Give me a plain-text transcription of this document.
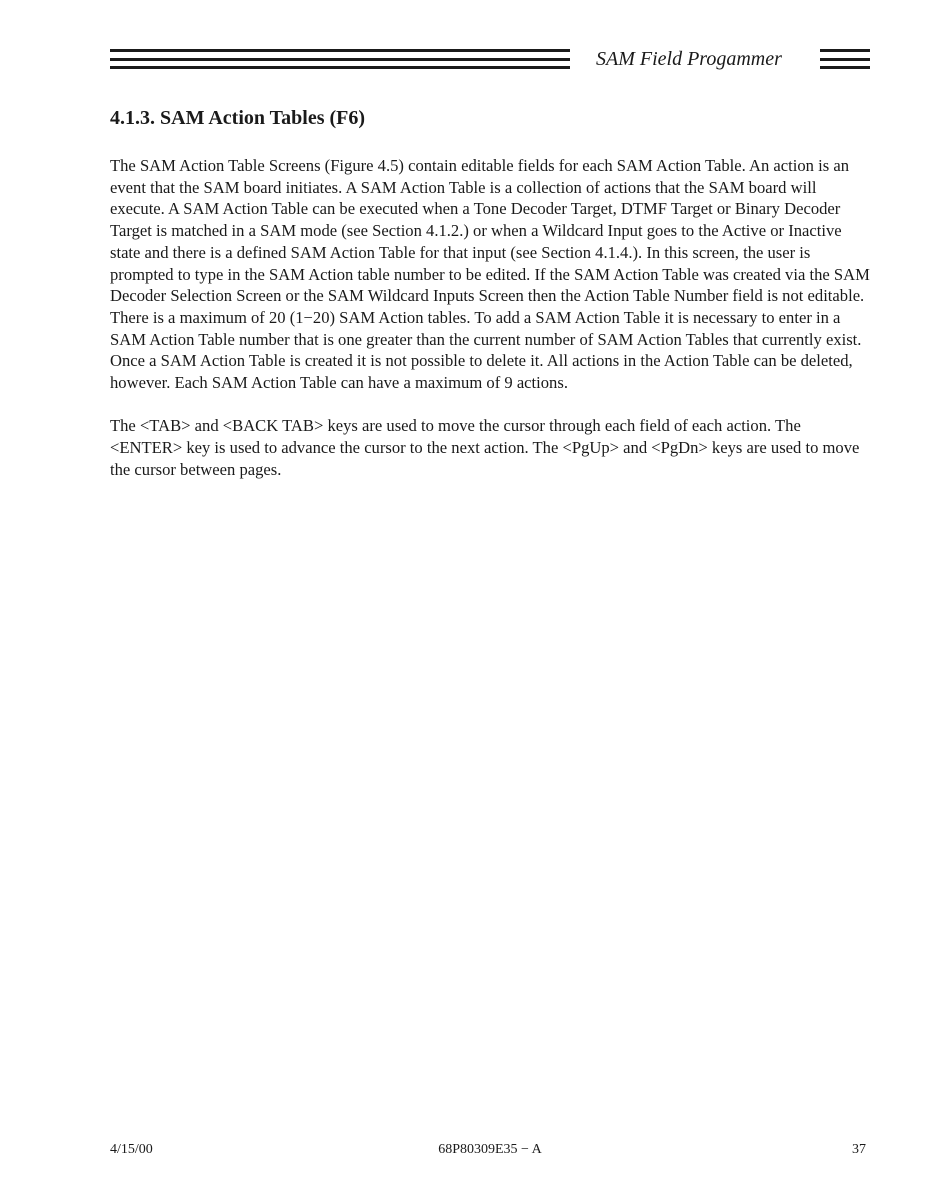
SAM Field Progammer
4.1.3. SAM Action Tables (F6)

The SAM Action Table Screens (Figure 4.5) contain editable fields for each SAM Action Table. An action is an event that the SAM board initiates. A SAM Action Table is a collection of actions that the SAM board will execute. A SAM Action Table can be executed when a Tone Decoder Target, DTMF Target or Binary Decoder Target is matched in a SAM mode (see Section 4.1.2.) or when a Wildcard Input goes to the Active or Inactive state and there is a defined SAM Action Table for that input (see Section 4.1.4.). In this screen, the user is prompted to type in the SAM Action table number to be edited. If the SAM Action Table was created via the SAM Decoder Selection Screen or the SAM Wildcard Inputs Screen then the Action Table Number field is not editable. There is a maximum of 20 (1−20) SAM Action tables. To add a SAM Action Table it is necessary to enter in a SAM Action Table number that is one greater than the current number of SAM Action Tables that currently exist. Once a SAM Action Table is created it is not possible to delete it. All actions in the Action Table can be deleted, however. Each SAM Action Table can have a maximum of 9 actions.

The <TAB> and <BACK TAB> keys are used to move the cursor through each field of each action. The <ENTER> key is used to advance the cursor to the next action. The <PgUp> and <PgDn> keys are used to move the cursor between pages.

4/15/00	68P80309E35 − A	37
